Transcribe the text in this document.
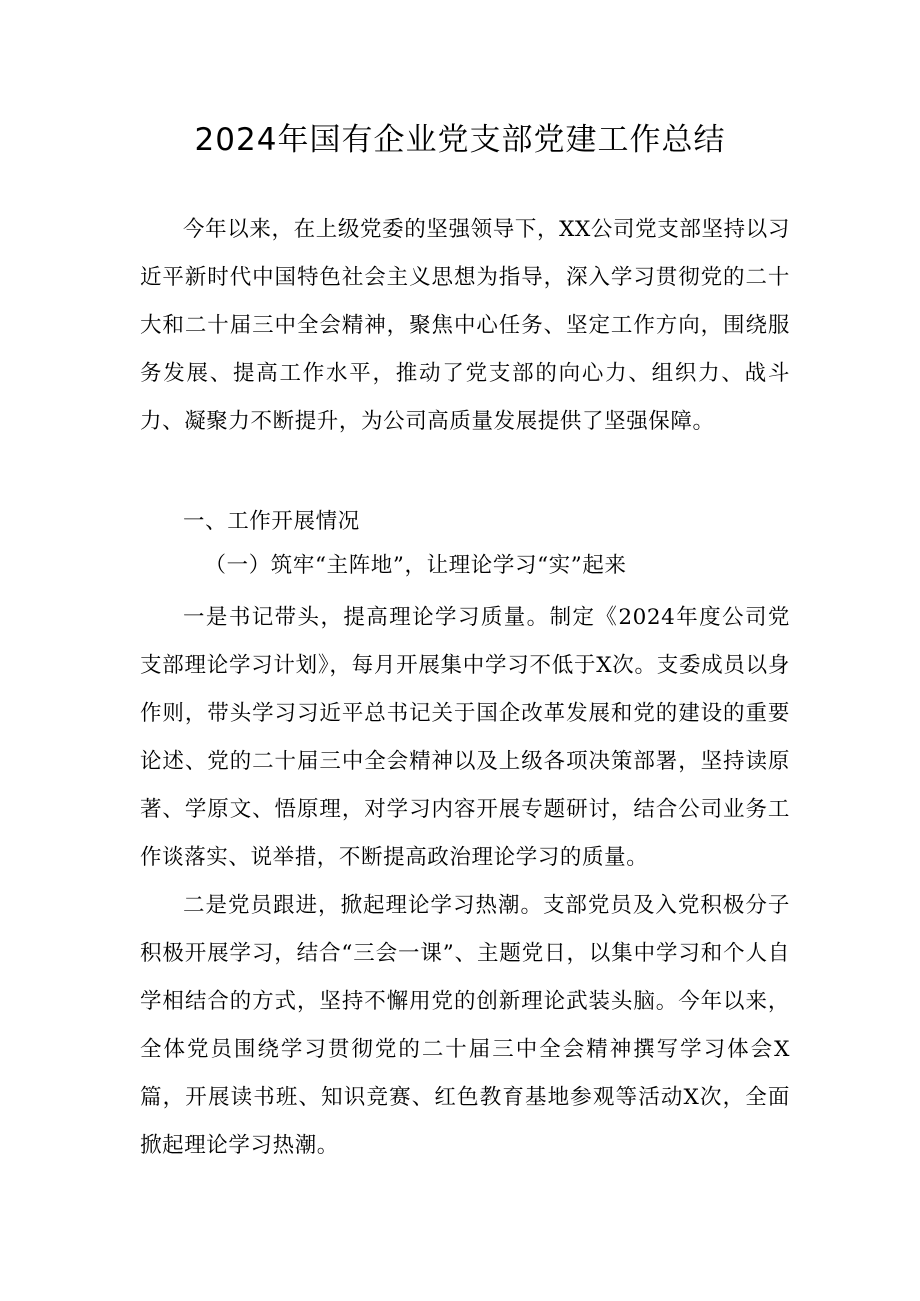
2024年国有企业党支部党建工作总结

今年以来，在上级党委的坚强领导下，XX公司党支部坚持以习近平新时代中国特色社会主义思想为指导，深入学习贯彻党的二十大和二十届三中全会精神，聚焦中心任务、坚定工作方向，围绕服务发展、提高工作水平，推动了党支部的向心力、组织力、战斗力、凝聚力不断提升，为公司高质量发展提供了坚强保障。

一、工作开展情况
（一）筑牢“主阵地”，让理论学习“实”起来

一是书记带头，提高理论学习质量。制定《2024年度公司党支部理论学习计划》，每月开展集中学习不低于X次。支委成员以身作则，带头学习习近平总书记关于国企改革发展和党的建设的重要论述、党的二十届三中全会精神以及上级各项决策部署，坚持读原著、学原文、悟原理，对学习内容开展专题研讨，结合公司业务工作谈落实、说举措，不断提高政治理论学习的质量。

二是党员跟进，掀起理论学习热潮。支部党员及入党积极分子积极开展学习，结合“三会一课”、主题党日，以集中学习和个人自学相结合的方式，坚持不懈用党的创新理论武装头脑。今年以来，全体党员围绕学习贯彻党的二十届三中全会精神撰写学习体会X篇，开展读书班、知识竞赛、红色教育基地参观等活动X次，全面掀起理论学习热潮。
